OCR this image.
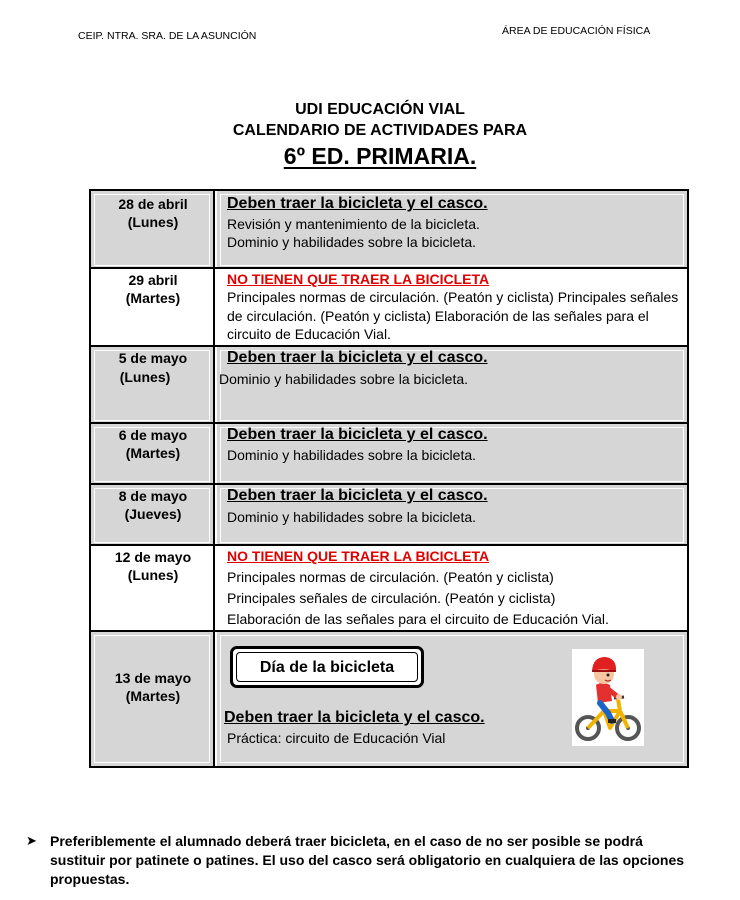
CEIP. NTRA. SRA. DE LA ASUNCIÓN	ÁREA DE EDUCACIÓN FÍSICA
UDI EDUCACIÓN VIAL
CALENDARIO DE ACTIVIDADES PARA
6º ED. PRIMARIA.
28 de abril
(Lunes)
Deben traer la bicicleta y el casco.
Revisión y mantenimiento de la bicicleta.
Dominio y habilidades sobre la bicicleta.
29 abril
(Martes)
NO TIENEN QUE TRAER LA BICICLETA
Principales normas de circulación. (Peatón y ciclista) Principales señales de circulación. (Peatón y ciclista) Elaboración de las señales para el circuito de Educación Vial.
5 de mayo
(Lunes)
Deben traer la bicicleta y el casco.
Dominio y habilidades sobre la bicicleta.
6 de mayo
(Martes)
Deben traer la bicicleta y el casco.
Dominio y habilidades sobre la bicicleta.
8 de mayo
(Jueves)
Deben traer la bicicleta y el casco.
Dominio y habilidades sobre la bicicleta.
12 de mayo
(Lunes)
NO TIENEN QUE TRAER LA BICICLETA
Principales normas de circulación. (Peatón y ciclista)
Principales señales de circulación. (Peatón y ciclista)
Elaboración de las señales para el circuito de Educación Vial.
13 de mayo
(Martes)
Deben traer la bicicleta y el casco.
Práctica: circuito de Educación Vial
Día de la bicicleta
➤ Preferiblemente el alumnado deberá traer bicicleta, en el caso de no ser posible se podrá sustituir por patinete o patines. El uso del casco será obligatorio en cualquiera de las opciones propuestas.
